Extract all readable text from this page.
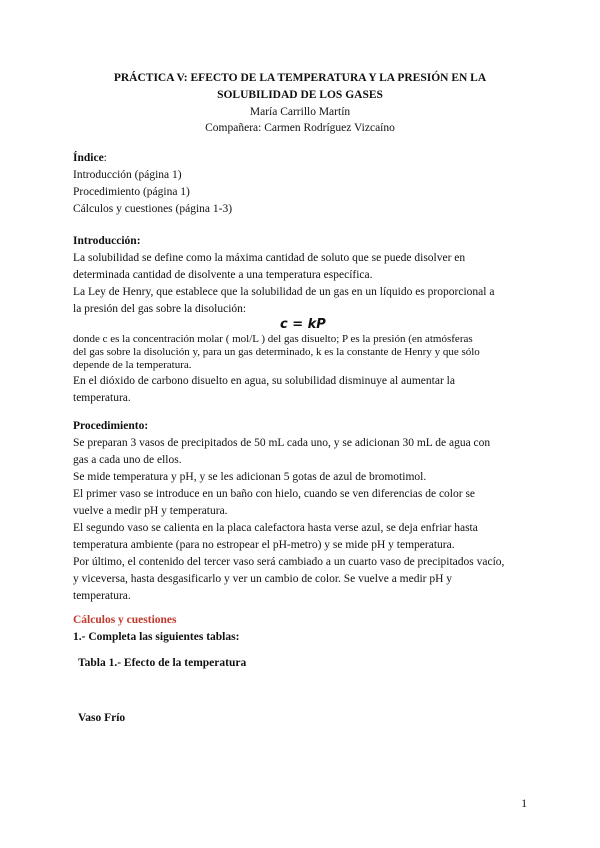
PRÁCTICA V: EFECTO DE LA TEMPERATURA Y LA PRESIÓN EN LA
SOLUBILIDAD DE LOS GASES
María Carrillo Martín
Compañera: Carmen Rodríguez Vizcaíno
Índice:
Introducción (página 1)
Procedimiento (página 1)
Cálculos y cuestiones (página 1-3)
Introducción:
La solubilidad se define como la máxima cantidad de soluto que se puede disolver en
determinada cantidad de disolvente a una temperatura específica.
La Ley de Henry, que establece que la solubilidad de un gas en un líquido es proporcional a
la presión del gas sobre la disolución:
c = kP
donde c es la concentración molar ( mol/L ) del gas disuelto; P es la presión (en atmósferas
del gas sobre la disolución y, para un gas determinado, k es la constante de Henry y que sólo
depende de la temperatura.
En el dióxido de carbono disuelto en agua, su solubilidad disminuye al aumentar la
temperatura.
Procedimiento:
Se preparan 3 vasos de precipitados de 50 mL cada uno, y se adicionan 30 mL de agua con
gas a cada uno de ellos.
Se mide temperatura y pH, y se les adicionan 5 gotas de azul de bromotimol.
El primer vaso se introduce en un baño con hielo, cuando se ven diferencias de color se
vuelve a medir pH y temperatura.
El segundo vaso se calienta en la placa calefactora hasta verse azul, se deja enfriar hasta
temperatura ambiente (para no estropear el pH-metro) y se mide pH y temperatura.
Por último, el contenido del tercer vaso será cambiado a un cuarto vaso de precipitados vacío,
y viceversa, hasta desgasificarlo y ver un cambio de color. Se vuelve a medir pH y
temperatura.
Cálculos y cuestiones
1.- Completa las siguientes tablas:
Tabla 1.- Efecto de la temperatura
Vaso Frío
1
